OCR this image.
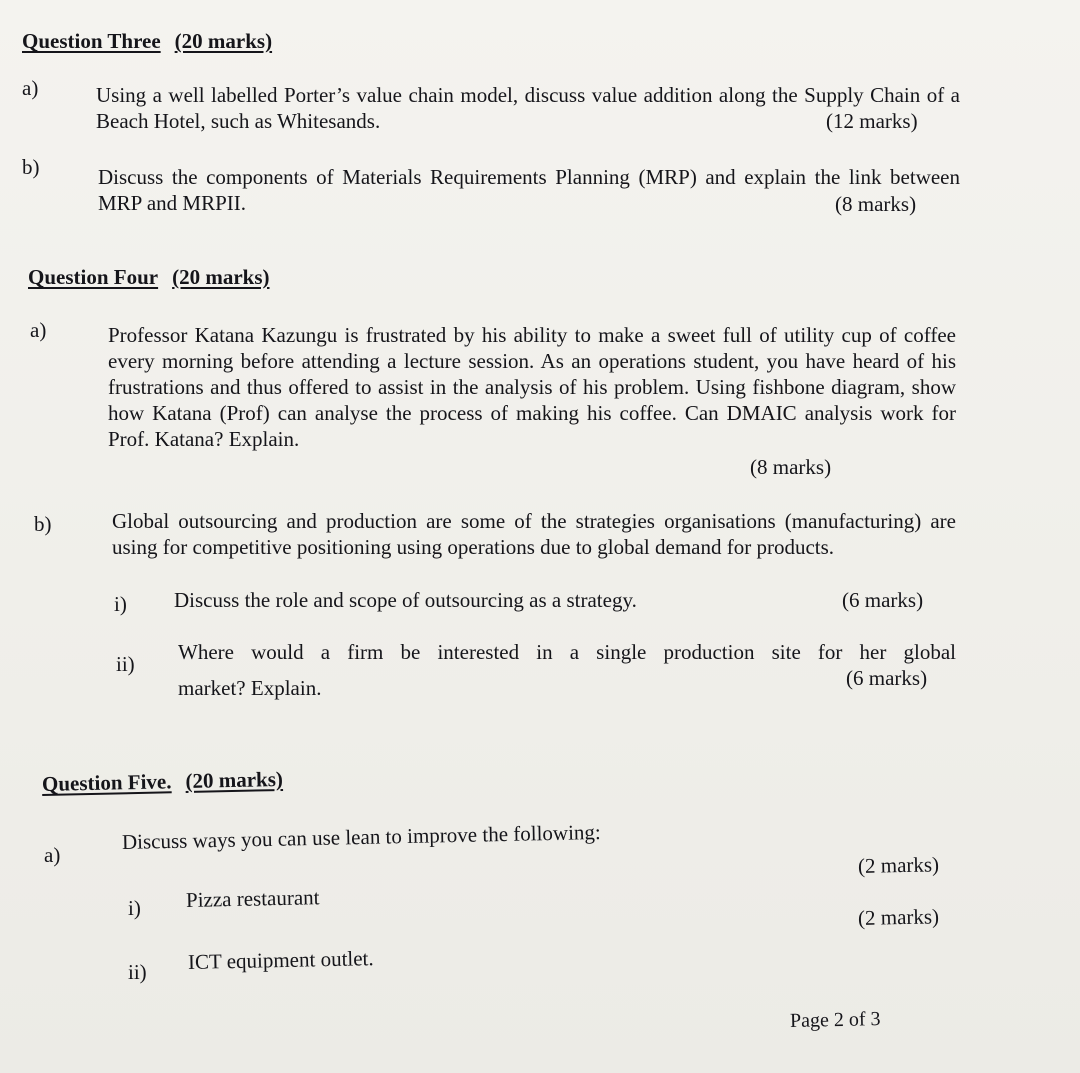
Question Three (20 marks)
a)	Using a well labelled Porter’s value chain model, discuss value addition along the Supply Chain of a Beach Hotel, such as Whitesands.	(12 marks)
b)	Discuss the components of Materials Requirements Planning (MRP) and explain the link between MRP and MRPII.	(8 marks)
Question Four (20 marks)
a)	Professor Katana Kazungu is frustrated by his ability to make a sweet full of utility cup of coffee every morning before attending a lecture session. As an operations student, you have heard of his frustrations and thus offered to assist in the analysis of his problem. Using fishbone diagram, show how Katana (Prof) can analyse the process of making his coffee. Can DMAIC analysis work for Prof. Katana? Explain.
(8 marks)
b)	Global outsourcing and production are some of the strategies organisations (manufacturing) are using for competitive positioning using operations due to global demand for products.
i) Discuss the role and scope of outsourcing as a strategy.	(6 marks)
ii) Where would a firm be interested in a single production site for her global
market? Explain.	(6 marks)
Question Five. (20 marks)
a)
Discuss ways you can use lean to improve the following:
(2 marks)
i) Pizza restaurant
(2 marks)
ii) ICT equipment outlet.
Page 2 of 3
